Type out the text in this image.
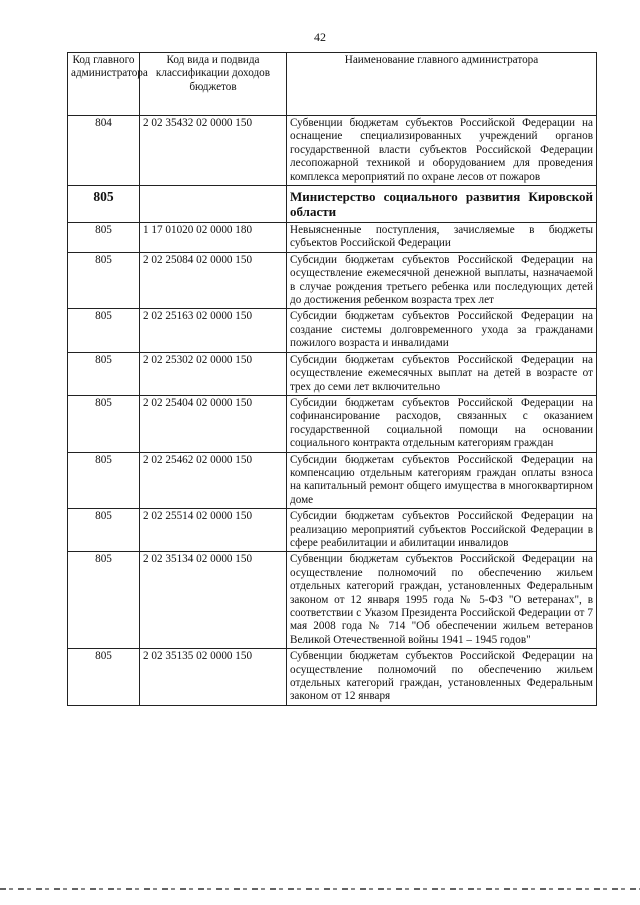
42
Код главного администратора	Код вида и подвида классификации доходов бюджетов	Наименование главного администратора
804	2 02 35432 02 0000 150	Субвенции бюджетам субъектов Российской Федерации на оснащение специализированных учреждений органов государственной власти субъектов Российской Федерации лесопожарной техникой и оборудованием для проведения комплекса мероприятий по охране лесов от пожаров
805		Министерство социального развития Кировской области
805	1 17 01020 02 0000 180	Невыясненные поступления, зачисляемые в бюджеты субъектов Российской Федерации
805	2 02 25084 02 0000 150	Субсидии бюджетам субъектов Российской Федерации на осуществление ежемесячной денежной выплаты, назначаемой в случае рождения третьего ребенка или последующих детей до достижения ребенком возраста трех лет
805	2 02 25163 02 0000 150	Субсидии бюджетам субъектов Российской Федерации на создание системы долговременного ухода за гражданами пожилого возраста и инвалидами
805	2 02 25302 02 0000 150	Субсидии бюджетам субъектов Российской Федерации на осуществление ежемесячных выплат на детей в возрасте от трех до семи лет включительно
805	2 02 25404 02 0000 150	Субсидии бюджетам субъектов Российской Федерации на софинансирование расходов, связанных с оказанием государственной социальной помощи на основании социального контракта отдельным категориям граждан
805	2 02 25462 02 0000 150	Субсидии бюджетам субъектов Российской Федерации на компенсацию отдельным категориям граждан оплаты взноса на капитальный ремонт общего имущества в многоквартирном доме
805	2 02 25514 02 0000 150	Субсидии бюджетам субъектов Российской Федерации на реализацию мероприятий субъектов Российской Федерации в сфере реабилитации и абилитации инвалидов
805	2 02 35134 02 0000 150	Субвенции бюджетам субъектов Российской Федерации на осуществление полномочий по обеспечению жильем отдельных категорий граждан, установленных Федеральным законом от 12 января 1995 года № 5-ФЗ "О ветеранах", в соответствии с Указом Президента Российской Федерации от 7 мая 2008 года № 714 "Об обеспечении жильем ветеранов Великой Отечественной войны 1941 – 1945 годов"
805	2 02 35135 02 0000 150	Субвенции бюджетам субъектов Российской Федерации на осуществление полномочий по обеспечению жильем отдельных категорий граждан, установленных Федеральным законом от 12 января
